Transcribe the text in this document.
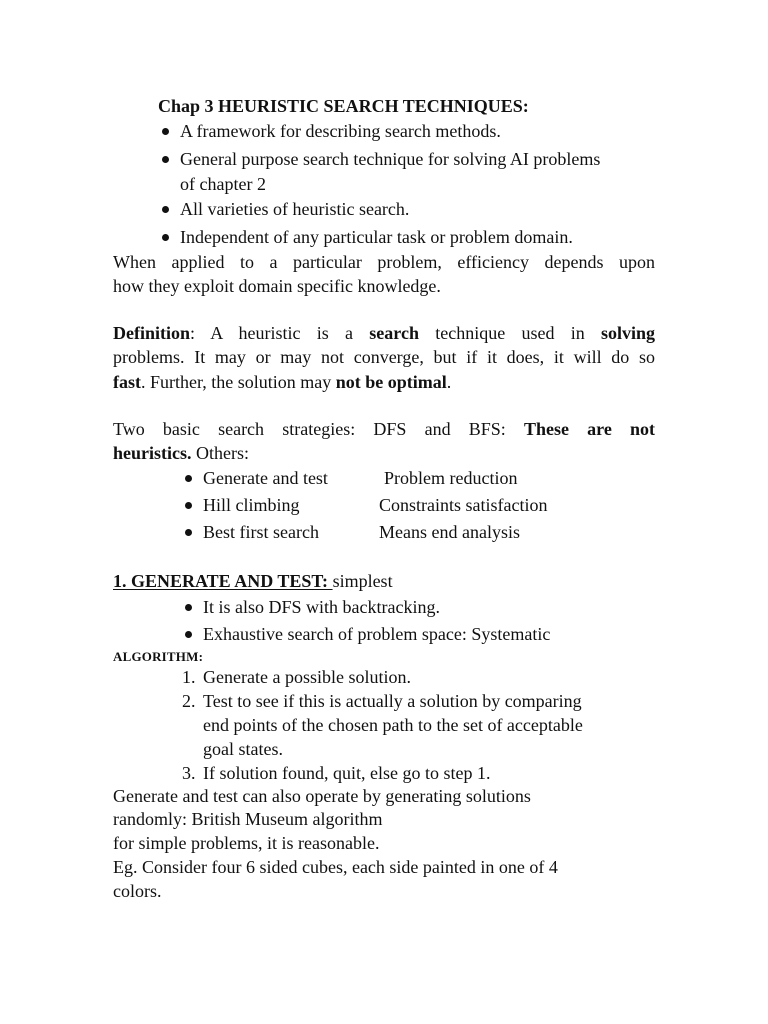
Chap 3 HEURISTIC SEARCH TECHNIQUES:
A framework for describing search methods.
General purpose search technique for solving AI problems
of chapter 2
All varieties of heuristic search.
Independent of any particular task or problem domain.
When applied to a particular problem, efficiency depends upon
how they exploit domain specific knowledge.
Definition: A heuristic is a search technique used in solving
problems. It may or may not converge, but if it does, it will do so
fast. Further, the solution may not be optimal.
Two basic search strategies: DFS and BFS: These are not
heuristics. Others:
Generate and test	Problem reduction
Hill climbing	Constraints satisfaction
Best first search	Means end analysis
1. GENERATE AND TEST: simplest
It is also DFS with backtracking.
Exhaustive search of problem space: Systematic
ALGORITHM:
1. Generate a possible solution.
2. Test to see if this is actually a solution by comparing
end points of the chosen path to the set of acceptable
goal states.
3. If solution found, quit, else go to step 1.
Generate and test can also operate by generating solutions
randomly: British Museum algorithm
for simple problems, it is reasonable.
Eg. Consider four 6 sided cubes, each side painted in one of 4
colors.
